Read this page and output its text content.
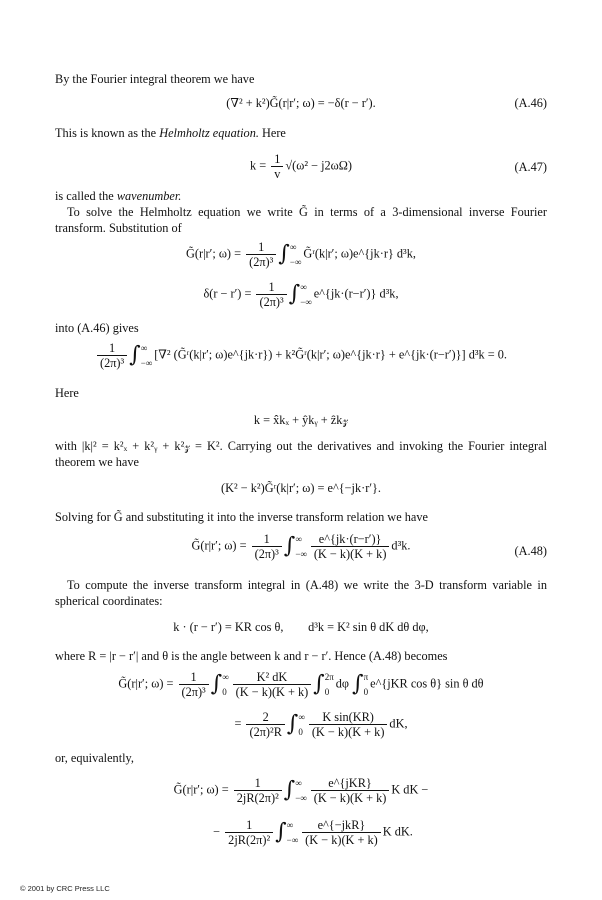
By the Fourier integral theorem we have
(∇² + k²)G̃(r|r′; ω) = −δ(r − r′).	(A.46)
This is known as the Helmholtz equation. Here
$k = \frac{1}{v} √(\omega^2 - j2\omega\Omega)$	(A.47)
is called the wavenumber.
To solve the Helmholtz equation we write G̃ in terms of a 3-dimensional inverse Fourier transform. Substitution of
G̃(r|r′; $\omega) = \frac{1}{\text{(2π)³}}$ ∫ ∞
−∞
G̃ʳ(k|r′; ω)e^{jk·r} d³k,
$\delta(r - r') = \frac{1}{\text{(2π)³}}$ ∫ ∞
−∞
e^{jk·(r−r′)} d³k,
into (A.46) gives
$\frac{1}{\text{(2π)³}}$ ∫ ∞
−∞
[∇² (G̃ʳ(k|r′; ω)e^{jk·r}) + k²G̃ʳ(k|r′; ω)e^{jk·r} + e^{jk·(r−r′)}] d³k = 0.
Here
k = x̂kₓ + ŷkᵧ + ẑk𝓏
with |k|² = k²ₓ + k²ᵧ + k²𝓏 = K². Carrying out the derivatives and invoking the Fourier integral theorem we have
(K² − k²)G̃ʳ(k|r′; ω) = e^{−jk·r′}.
Solving for G̃ and substituting it into the inverse transform relation we have
G̃(r|r′; $\omega) = \frac{1}{\text{(2π)³}}$ ∫ ∞
−∞ $\frac{e\^{}\{jk\cdot(r-r')\}}{(K - k)(K + k)} d^3k$.	(A.48)
To compute the inverse transform integral in (A.48) we write the 3-D transform variable in spherical coordinates:
k · (r − r′) = KR cos θ,        d³k = K² sin θ dK dθ dφ,
where R = |r − r′| and θ is the angle between k and r − r′. Hence (A.48) becomes
G̃(r|r′; $\omega) = \frac{1}{\text{(2π)³}}$ ∫ ∞
$0 \frac{\text{K² dK}}{(K - k)(K + k)}$ ∫ 2π
0
dφ ∫ π
0
e^{jKR cos θ} sin θ dθ
= $\frac{2}{\text{(2π)²R}}$ ∫ ∞
$0 \frac{\text{K sin(KR)}}{(K - k)(K + k)}$ dK,
or, equivalently,
G̃(r|r′; $\omega) = \frac{1}{\text{2jR(2π)²}}$ ∫ ∞
−∞ $\frac{\text{e\textasciicircum{}\{jKR\}}}{(K - k)(K + k)}$ K dK −
− $\frac{1}{\text{2jR(2π)²}}$ ∫ ∞
−∞ $\frac{\text{e\textasciicircum{}\{−jkR\}}}{(K - k)(K + k)}$ K dK.
© 2001 by CRC Press LLC
